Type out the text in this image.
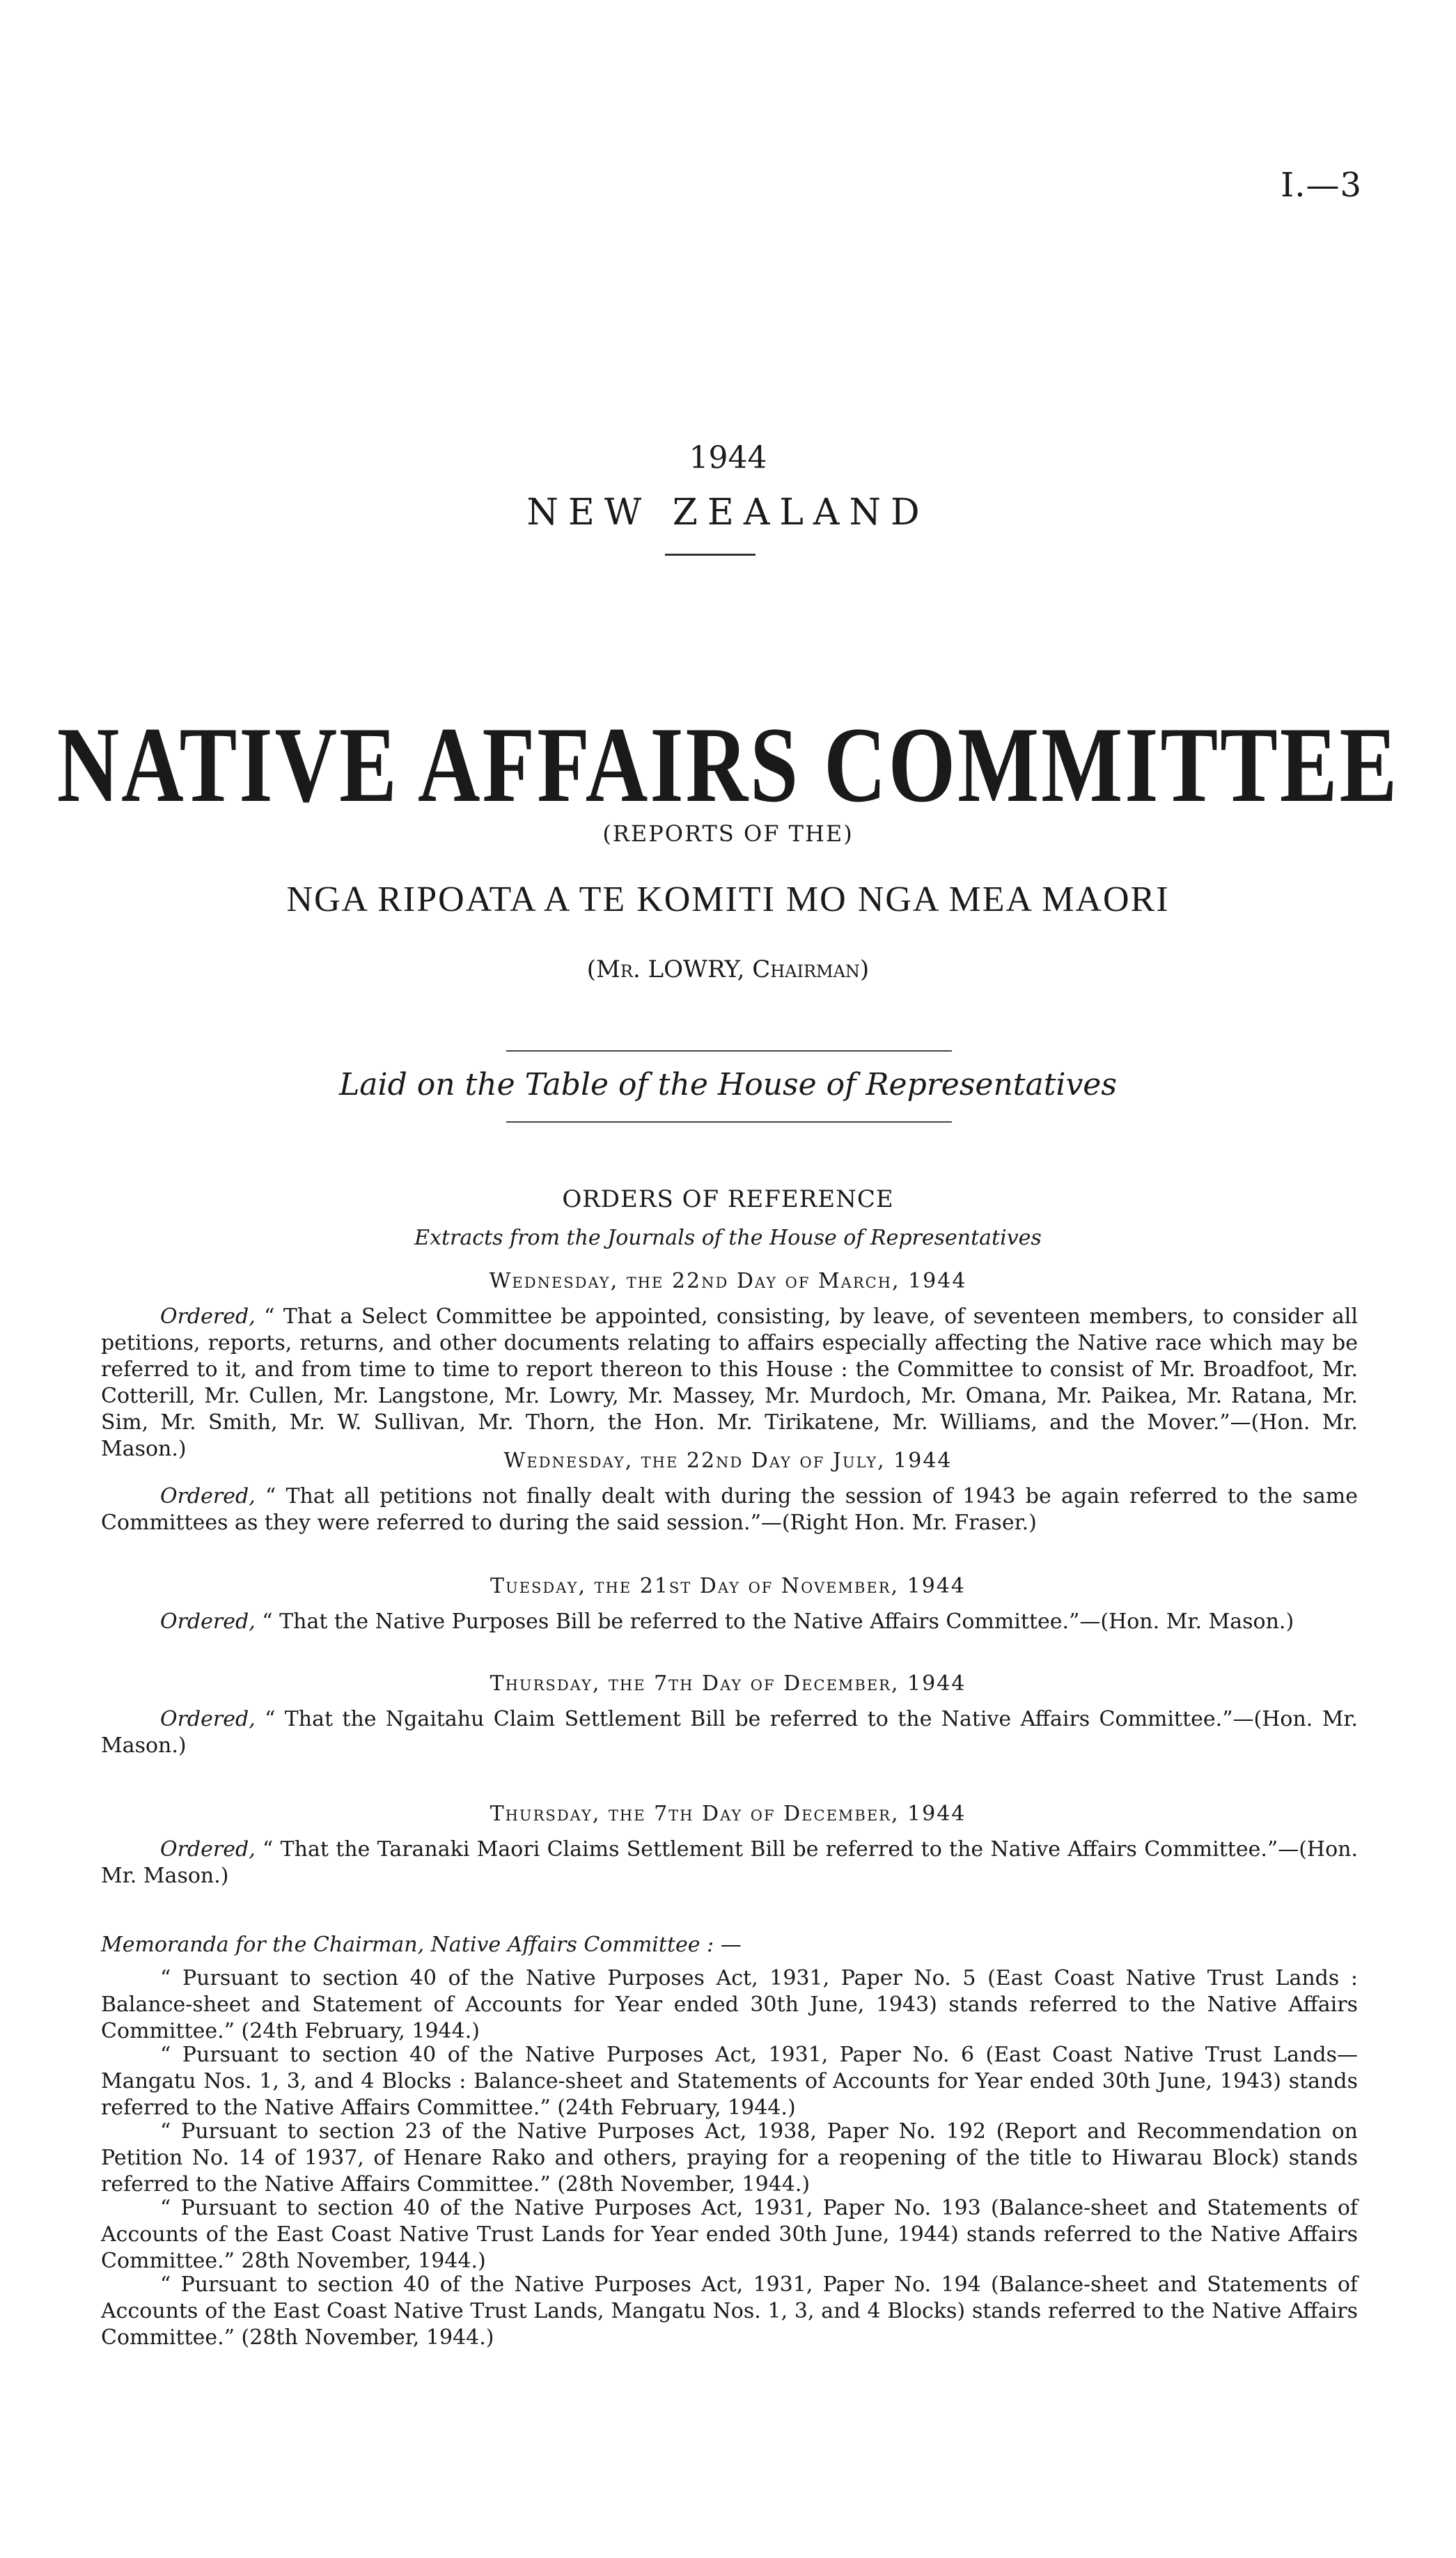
I.—3
1944
NEW ZEALAND
NATIVE AFFAIRS COMMITTEE
(REPORTS OF THE)
NGA RIPOATA A TE KOMITI MO NGA MEA MAORI
(Mr. LOWRY, Chairman)
Laid on the Table of the House of Representatives
ORDERS OF REFERENCE
Extracts from the Journals of the House of Representatives
Wednesday, the 22nd Day of March, 1944
Ordered, “ That a Select Committee be appointed, consisting, by leave, of seventeen members, to consider all petitions, reports, returns, and other documents relating to affairs especially affecting the Native race which may be referred to it, and from time to time to report thereon to this House : the Committee to consist of Mr. Broadfoot, Mr. Cotterill, Mr. Cullen, Mr. Langstone, Mr. Lowry, Mr. Massey, Mr. Murdoch, Mr. Omana, Mr. Paikea, Mr. Ratana, Mr. Sim, Mr. Smith, Mr. W. Sullivan, Mr. Thorn, the Hon. Mr. Tirikatene, Mr. Williams, and the Mover.”—(Hon. Mr. Mason.)	Wednesday, the 22nd Day of July, 1944
Ordered, “ That all petitions not finally dealt with during the session of 1943 be again referred to the same Committees as they were referred to during the said session.”—(Right Hon. Mr. Fraser.)
Tuesday, the 21st Day of November, 1944
Ordered, “ That the Native Purposes Bill be referred to the Native Affairs Committee.”—(Hon. Mr. Mason.)
Thursday, the 7th Day of December, 1944
Ordered, “ That the Ngaitahu Claim Settlement Bill be referred to the Native Affairs Committee.”—(Hon. Mr. Mason.)
Thursday, the 7th Day of December, 1944
Ordered, “ That the Taranaki Maori Claims Settlement Bill be referred to the Native Affairs Committee.”—(Hon. Mr. Mason.)
Memoranda for the Chairman, Native Affairs Committee : —
“ Pursuant to section 40 of the Native Purposes Act, 1931, Paper No. 5 (East Coast Native Trust Lands : Balance-sheet and Statement of Accounts for Year ended 30th June, 1943) stands referred to the Native Affairs Committee.” (24th February, 1944.)
“ Pursuant to section 40 of the Native Purposes Act, 1931, Paper No. 6 (East Coast Native Trust Lands—Mangatu Nos. 1, 3, and 4 Blocks : Balance-sheet and Statements of Accounts for Year ended 30th June, 1943) stands referred to the Native Affairs Committee.” (24th February, 1944.)
“ Pursuant to section 23 of the Native Purposes Act, 1938, Paper No. 192 (Report and Recommendation on Petition No. 14 of 1937, of Henare Rako and others, praying for a reopening of the title to Hiwarau Block) stands referred to the Native Affairs Committee.” (28th November, 1944.)
“ Pursuant to section 40 of the Native Purposes Act, 1931, Paper No. 193 (Balance-sheet and Statements of Accounts of the East Coast Native Trust Lands for Year ended 30th June, 1944) stands referred to the Native Affairs Committee.” 28th November, 1944.)
“ Pursuant to section 40 of the Native Purposes Act, 1931, Paper No. 194 (Balance-sheet and Statements of Accounts of the East Coast Native Trust Lands, Mangatu Nos. 1, 3, and 4 Blocks) stands referred to the Native Affairs Committee.” (28th November, 1944.)
